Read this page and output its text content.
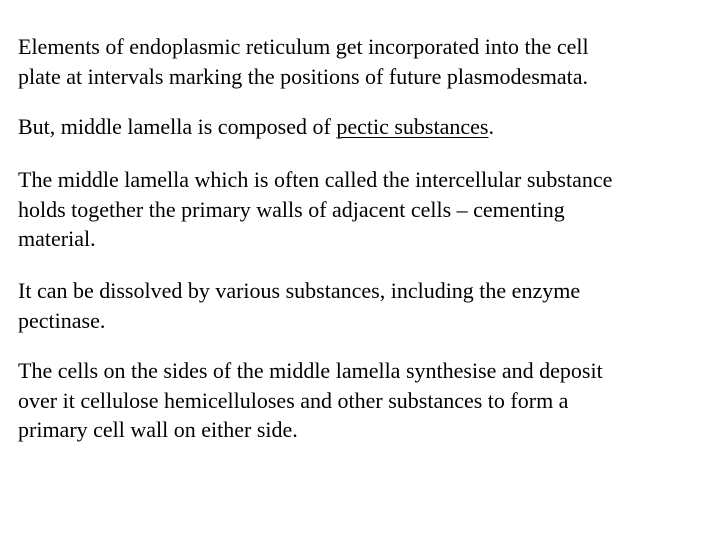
Elements of endoplasmic reticulum get incorporated into the cell
plate at intervals marking the positions of future plasmodesmata.

But, middle lamella is composed of pectic substances.

The middle lamella which is often called the intercellular substance
holds together the primary walls of adjacent cells – cementing
material.

It can be dissolved by various substances, including the enzyme
pectinase.

The cells on the sides of the middle lamella synthesise and deposit
over it cellulose hemicelluloses and other substances to form a
primary cell wall on either side.
